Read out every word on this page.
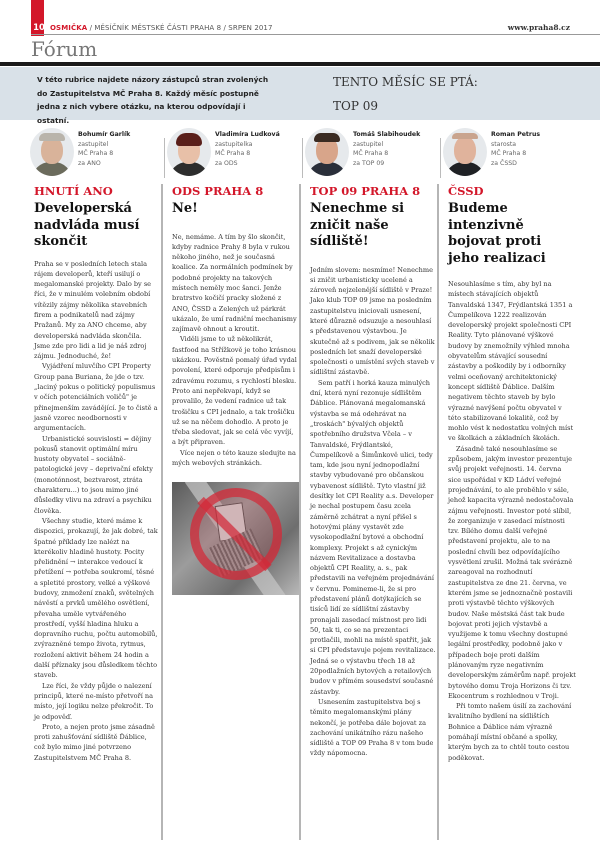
10 OSMIČKA / MĚSÍČNÍK MĚSTSKÉ ČÁSTI PRAHA 8 / SRPEN 2017	www.praha8.cz
Fórum
V této rubrice najdete názory zástupců stran zvolených do Zastupitelstva MČ Praha 8. Každý měsíc postupně jedna z nich vybere otázku, na kterou odpovídají i ostatní.
TENTO MĚSÍC SE PTÁ:
TOP 09
Bohumír Garlík
zastupitel
MČ Praha 8
za ANO
Vladimíra Ludková
zastupitelka
MČ Praha 8
za ODS
Tomáš Slabihoudek
zastupitel
MČ Praha 8
za TOP 09
Roman Petrus
starosta
MČ Praha 8
za ČSSD
HNUTÍ ANO
Developerská nadvláda musí skončit

Praha se v posledních letech stala rájem developerů, kteří usilují o megalomanské projekty. Dalo by se říci, že v minulém volebním období vítězily zájmy několika stavebních firem a podnikatelů nad zájmy Pražanů. My za ANO chceme, aby developerská nadvláda skončila. Jsme zde pro lidi a lid je náš zdroj zájmu. Jednoduché, že!

Vyjádření mluvčího CPI Property Group pana Buriana, že jde o tzv. „laciný pokus o politický populismus v očích potenciálních voličů" je přinejmenším zavádějící. Je to čistě a jasně vzorec neodbornosti v argumentacích.

Urbanistické souvislosti = dějiny pokusů stanovit optimální míru hustoty obyvatel – sociálně-patologické jevy – deprivační efekty (monotónnost, beztvarost, ztráta charakteru...) to jsou mimo jiné důsledky vlivu na zdraví a psychiku člověka.

Všechny studie, které máme k dispozici, prokazují, že jak dobré, tak špatné příklady lze nalézt na kterékoliv hladině hustoty. Pocity přelidnění → interakce vedoucí k přetížení → potřeba soukromí, těsné a spletité prostory, velké a výškové budovy, znmožení znaků, světelných návěstí a prvků umělého osvětlení, převaha uměle vytvářeného prostředí, vyšší hladina hluku a dopravního ruchu, počtu automobilů, zvýrazněné tempo života, rytmus, rozložení aktivit během 24 hodin a další příznaky jsou důsledkem těchto staveb.

Lze říci, že vždy půjde o nalezení principů, které ne-místo přetvoří na místo, její logiku nelze překročit. To je odpověď.

Proto, a nejen proto jsme zásadně proti zahušťování sídliště Ďáblice, což bylo mimo jiné potvrzeno Zastupitelstvem MČ Praha 8.

ODS PRAHA 8
Ne!

Ne, nemáme. A tím by šlo skončit, kdyby radnice Prahy 8 byla v rukou někoho jiného, než je současná koalice. Za normálních podmínek by podobné projekty na takových místech neměly moc šanci. Jenže bratrstvo kočičí pracky složené z ANO, ČSSD a Zelených už párkrát ukázalo, že umí radniční mechanismy zajímavě ohnout a kroutit.

Viděli jsme to už několikrát, fastfood na Střížkově je toho krásnou ukázkou. Pověstně pomalý úřad vydal povolení, které odporuje předpisům i zdravému rozumu, s rychlostí blesku. Proto ani nepřekvapí, když se provalilo, že vedení radnice už tak trošičku s CPI jednalo, a tak trošičku už se na něčem dohodlo. A proto je třeba sledovat, jak se celá věc vyvíjí, a být připraven.

Více nejen o této kauze sledujte na mých webových stránkách.

TOP 09 PRAHA 8
Nenechme si zničit naše sídliště!

Jedním slovem: nesmíme! Nenechme si zničit urbanisticky ucelené a zároveň nejzelenější sídliště v Praze! Jako klub TOP 09 jsme na posledním zastupitelstvu iniciovali usnesení, které důrazně odsuzuje a nesouhlasí s představenou výstavbou. Je skutečně až s podivem, jak se několik posledních let snaží developerské společnosti o umístění svých staveb v sídlištní zástavbě.

Sem patří i horká kauza minulých dní, která nyní rezonuje sídlištěm Ďáblice. Plánovaná megalomanská výstavba se má odehrávat na „troskách" bývalých objektů spotřebního družstva Včela – v Tanvaldské, Frýdlantské, Čumpelíkově a Šimůnkově ulici, tedy tam, kde jsou nyní jednopodlažní stavby vybudované pro občanskou vybavenost sídliště. Tyto vlastní již desítky let CPI Reality a.s. Developer je nechal postupem času zcela záměrně zchátrat a nyní přišel s hotovými plány vystavět zde vysokopodlažní bytové a obchodní komplexy. Projekt s až cynickým názvem Revitalizace a dostavba objektů CPI Reality, a. s., pak představili na veřejném projednávání v červnu. Pomineme-li, že si pro představení plánů dotýkajících se tisíců lidí ze sídlištní zástavby pronajali zasedací místnost pro lidi 50, tak ti, co se na prezentaci protlačili, mohli na místě spatřit, jak si CPI představuje pojem revitalizace. Jedná se o výstavbu třech 18 až 20podlažních bytových a retailových budov v přímém sousedství současné zástavby.

Usnesením zastupitelstva boj s těmito megalomanskými plány nekončí, je potřeba dále bojovat za zachování unikátního rázu našeho sídliště a TOP 09 Praha 8 v tom bude vždy nápomocna.

ČSSD
Budeme intenzivně bojovat proti jeho realizaci

Nesouhlasíme s tím, aby byl na místech stávajících objektů Tanvaldská 1347, Frýdlantská 1351 a Čumpelíkova 1222 realizován developerský projekt společnosti CPI Reality. Tyto plánované výškové budovy by znemožnily výhled mnoha obyvatelům stávající sousední zástavby a poškodily by i odborníky velmi oceňovaný architektonický koncept sídliště Ďáblice. Dalším negativem těchto staveb by bylo výrazné navýšení počtu obyvatel v této stabilizované lokalitě, což by mohlo vést k nedostatku volných míst ve školkách a základních školách.

Zásadně také nesouhlasíme se způsobem, jakým investor prezentuje svůj projekt veřejnosti. 14. června sice uspořádal v KD Ládví veřejné projednávání, to ale proběhlo v sále, jehož kapacita výrazně nedostačovala zájmu veřejnosti. Investor poté slíbil, že zorganizuje v zasedací místnosti tzv. Bílého domu další veřejné představení projektu, ale to na poslední chvíli bez odpovídajícího vysvětlení zrušil. Možná tak svérázně zareagoval na rozhodnutí zastupitelstva ze dne 21. června, ve kterém jsme se jednoznačně postavili proti výstavbě těchto výškových budov. Naše městská část tak bude bojovat proti jejich výstavbě a využijeme k tomu všechny dostupné legální prostředky, podobně jako v případech boje proti dalším plánovaným ryze negativním developerským záměrům např. projekt bytového domu Troja Horizons či tzv. Ekocentrum s rozhlednou v Troji.

Při tomto našem úsilí za zachování kvalitního bydlení na sídlištích Bohnice a Ďáblice nám výrazně pomáhají místní občané a spolky, kterým bych za to chtěl touto cestou poděkovat.
